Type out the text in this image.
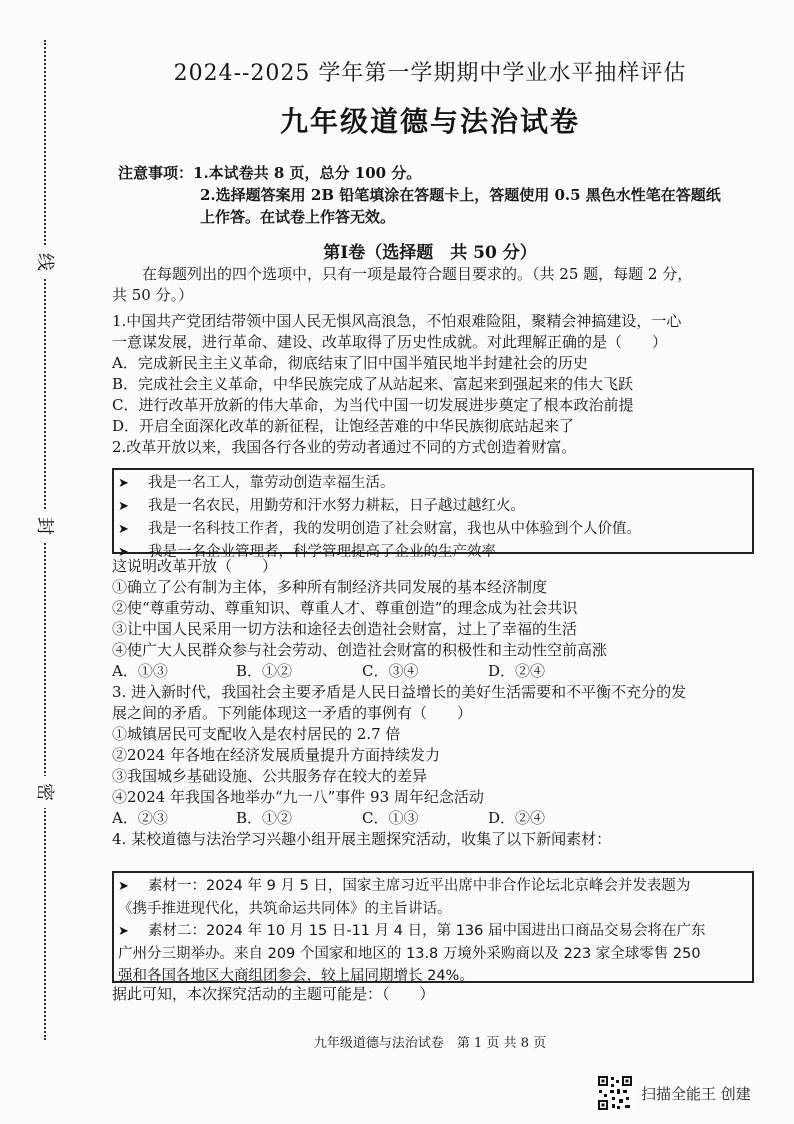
线
封
密
2024--2025 学年第一学期期中学业水平抽样评估
九年级道德与法治试卷
注意事项：1.本试卷共 8 页，总分 100 分。
2.选择题答案用 2B 铅笔填涂在答题卡上，答题使用 0.5 黑色水性笔在答题纸
上作答。在试卷上作答无效。
第Ⅰ卷（选择题　共 50 分）
　　在每题列出的四个选项中，只有一项是最符合题目要求的。（共 25 题，每题 2 分，
共 50 分。）
1.中国共产党团结带领中国人民无惧风高浪急，不怕艰难险阻，聚精会神搞建设，一心
一意谋发展，进行革命、建设、改革取得了历史性成就。对此理解正确的是（　　）
A．完成新民主主义革命，彻底结束了旧中国半殖民地半封建社会的历史
B．完成社会主义革命，中华民族完成了从站起来、富起来到强起来的伟大飞跃
C．进行改革开放新的伟大革命，为当代中国一切发展进步奠定了根本政治前提
D．开启全面深化改革的新征程，让饱经苦难的中华民族彻底站起来了
2.改革开放以来，我国各行各业的劳动者通过不同的方式创造着财富。
➤ 我是一名工人，靠劳动创造幸福生活。
➤ 我是一名农民，用勤劳和汗水努力耕耘，日子越过越红火。
➤ 我是一名科技工作者，我的发明创造了社会财富，我也从中体验到个人价值。
➤ 我是一名企业管理者，科学管理提高了企业的生产效率
这说明改革开放（　　）
①确立了公有制为主体，多种所有制经济共同发展的基本经济制度
②使“尊重劳动、尊重知识、尊重人才、尊重创造”的理念成为社会共识
③让中国人民采用一切方法和途径去创造社会财富，过上了幸福的生活
④使广大人民群众参与社会劳动、创造社会财富的积极性和主动性空前高涨
A．①③	B．①②	C．③④	D．②④
3. 进入新时代，我国社会主要矛盾是人民日益增长的美好生活需要和不平衡不充分的发
展之间的矛盾。下列能体现这一矛盾的事例有（　　）
①城镇居民可支配收入是农村居民的 2.7 倍
②2024 年各地在经济发展质量提升方面持续发力
③我国城乡基础设施、公共服务存在较大的差异
④2024 年我国各地举办“九一八”事件 93 周年纪念活动
A．②③	B．①②	C．①③	D．②④
4. 某校道德与法治学习兴趣小组开展主题探究活动，收集了以下新闻素材：
➤ 素材一：2024 年 9 月 5 日，国家主席习近平出席中非合作论坛北京峰会并发表题为
《携手推进现代化，共筑命运共同体》的主旨讲话。
➤ 素材二：2024 年 10 月 15 日-11 月 4 日，第 136 届中国进出口商品交易会将在广东
广州分三期举办。来自 209 个国家和地区的 13.8 万境外采购商以及 223 家全球零售 250
强和各国各地区大商组团参会，较上届同期增长 24%。
据此可知，本次探究活动的主题可能是：（　　）
九年级道德与法治试卷　第 1 页 共 8 页
扫描全能王 创建
